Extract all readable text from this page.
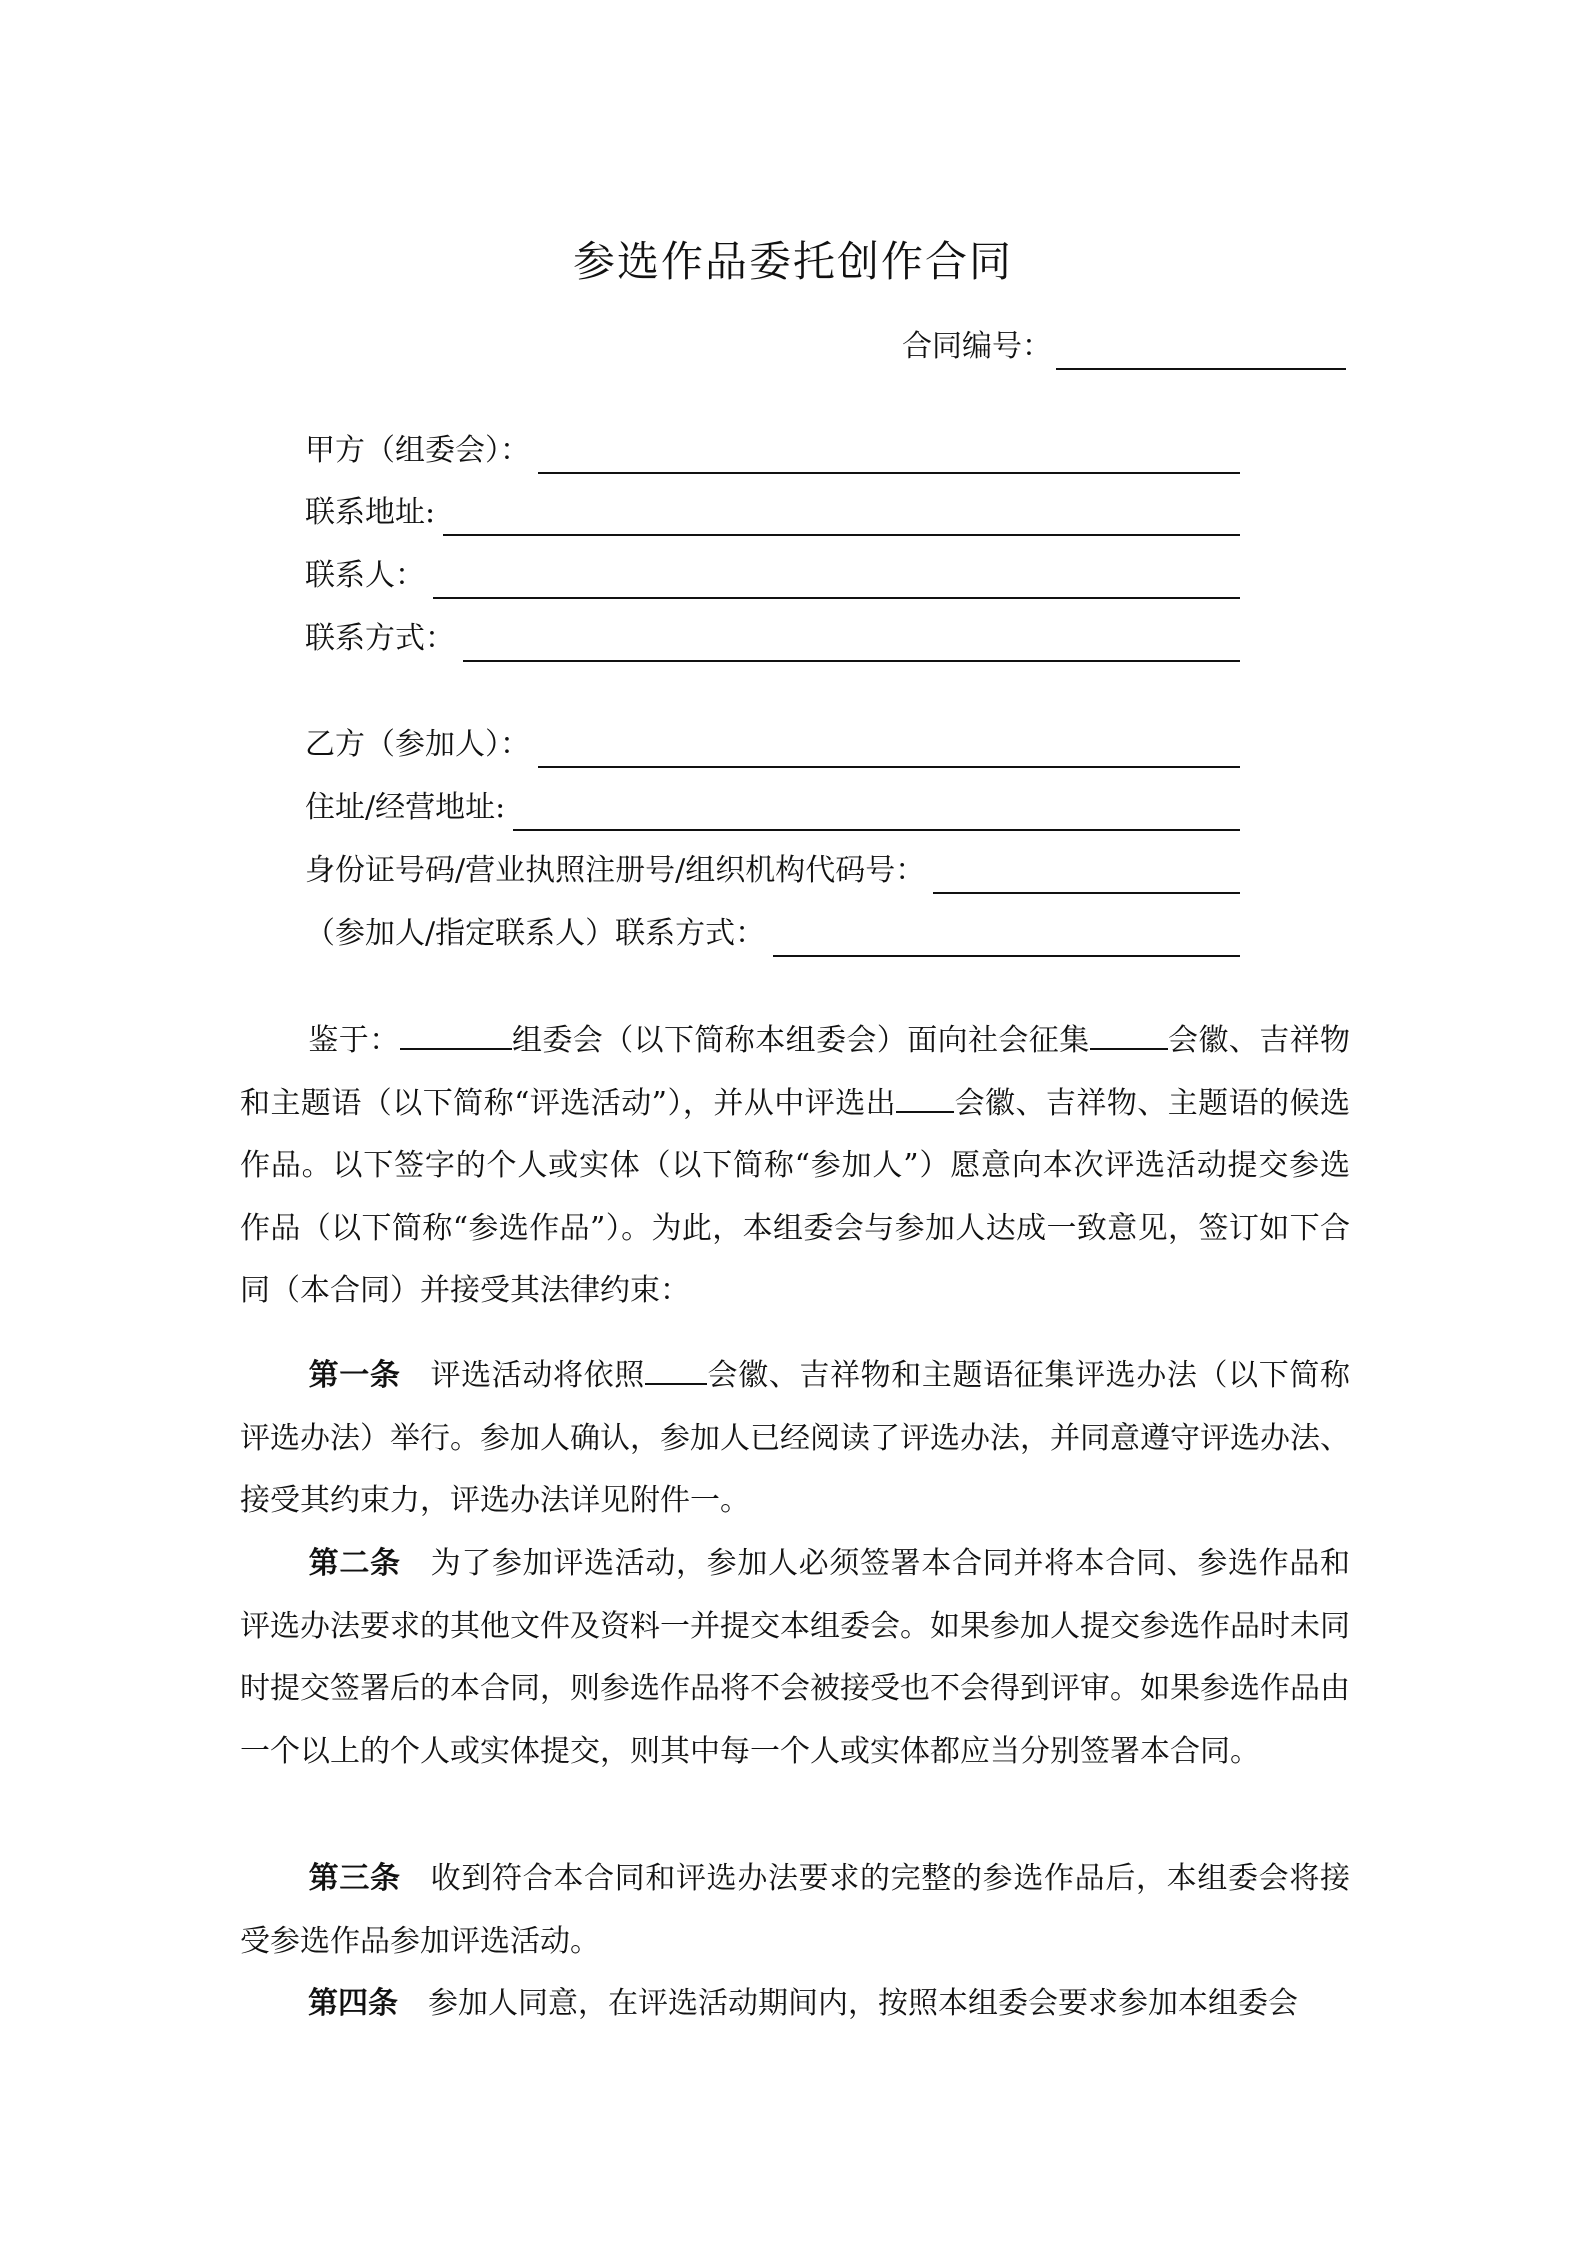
参选作品委托创作合同
合同编号：
甲方（组委会）：
联系地址:
联系人：
联系方式：
乙方（参加人）：
住址/经营地址:
身份证号码/营业执照注册号/组织机构代码号：
（参加人/指定联系人）联系方式：
鉴于：	组委会（以下简称本组委会）面向社会征集	会徽、吉祥物和主题语（以下简称“评选活动”），并从中评选出 会徽、吉祥物、主题语的候选作品。以下签字的个人或实体（以下简称“参加人”）愿意向本次评选活动提交参选作品（以下简称“参选作品”）。为此，本组委会与参加人达成一致意见，签订如下合同（本合同）并接受其法律约束：
第一条 评选活动将依照 会徽、吉祥物和主题语征集评选办法（以下简称评选办法）举行。参加人确认，参加人已经阅读了评选办法，并同意遵守评选办法、接受其约束力，评选办法详见附件一。
第二条 为了参加评选活动，参加人必须签署本合同并将本合同、参选作品和评选办法要求的其他文件及资料一并提交本组委会。如果参加人提交参选作品时未同时提交签署后的本合同，则参选作品将不会被接受也不会得到评审。如果参选作品由一个以上的个人或实体提交，则其中每一个人或实体都应当分别签署本合同。
第三条 收到符合本合同和评选办法要求的完整的参选作品后，本组委会将接受参选作品参加评选活动。
第四条 参加人同意，在评选活动期间内，按照本组委会要求参加本组委会
